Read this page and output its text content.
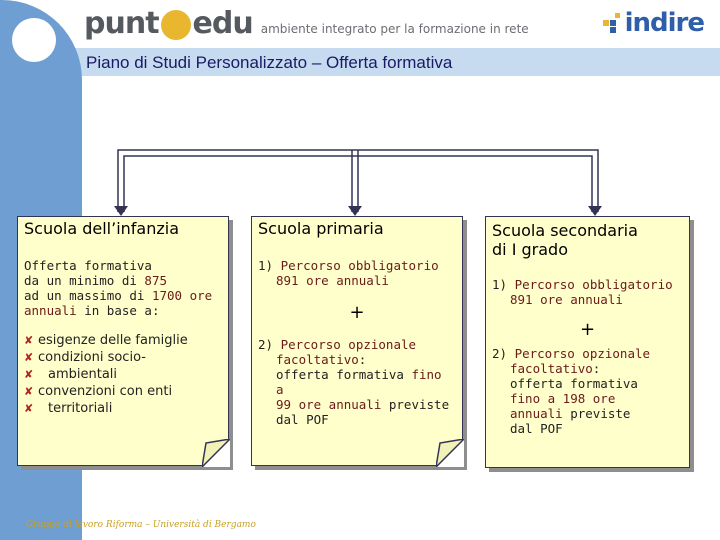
punt edu ambiente integrato per la formazione in rete	ind ire
Piano di Studi Personalizzato – Offerta formativa
Scuola dell’infanzia

Offerta formativa

da un minimo di 875

ad un massimo di 1700 ore

annuali in base a:

✘ esigenze delle famiglie
✘ condizioni socio-
✘	ambientali
✘ convenzioni con enti
✘	territoriali
Scuola primaria

1) Percorso obbligatorio

891 ore annuali

+

2) Percorso opzionale

facoltativo:

offerta formativa fino a

99 ore annuali previste

dal POF

Scuola secondaria
di I grado

1) Percorso obbligatorio

891 ore annuali

+

2) Percorso opzionale

facoltativo:

offerta formativa

fino a 198 ore

annuali previste

dal POF

Gruppo di lavoro Riforma – Università di Bergamo
